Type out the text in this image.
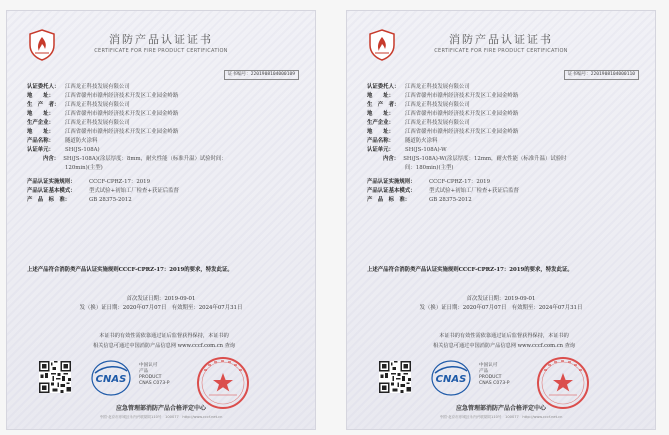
消防产品认证证书
CERTIFICATE FOR FIRE PRODUCT CERTIFICATION
证书编号：2201908104000109
认证委托人：	江西龙正科技发展有限公司
地　　址：	江西省赣州市赣州经济技术开发区工业园金岭路
生　产　者：	江西龙正科技发展有限公司
地　　址：	江西省赣州市赣州经济技术开发区工业园金岭路
生产企业：	江西龙正科技发展有限公司
地　　址：	江西省赣州市赣州经济技术开发区工业园金岭路
产品名称：	隧道防火涂料
认证单元：	SH(JS-108A)
内含： SH(JS-108A)(涂层厚度：8mm，耐火性能（标准升温）试验时间：
120min)(主型)
产品认证实施规则：	CCCF-CPRZ-17：2019
产品认证基本模式：	型式试验+初始工厂检查+获证后监督
产　品　标　准：	GB 28375-2012
上述产品符合消防类产品认证实施规则CCCF-CPRZ-17：2019的要求，特发此证。
首次发证日期：2019-09-01
发（换）证日期：2020年07月07日　有效期至：2024年07月31日
本证书的有效性需依靠通过证后监督获得保持，本证书的
相关信息可通过中国消防产品信息网 www.cccf.com.cn 查询
CNAS
中国认可
产品
PRODUCT
CNAS C073-P
应急管理部消防产品合格评定中心
中国·北京市东城区永内兴联胡同110号　100077　http://www.cccf.net.cn
消防产品认证证书
CERTIFICATE FOR FIRE PRODUCT CERTIFICATION
证书编号：2201908104000110
认证委托人：	江西龙正科技发展有限公司
地　　址：	江西省赣州市赣州经济技术开发区工业园金岭路
生　产　者：	江西龙正科技发展有限公司
地　　址：	江西省赣州市赣州经济技术开发区工业园金岭路
生产企业：	江西龙正科技发展有限公司
地　　址：	江西省赣州市赣州经济技术开发区工业园金岭路
产品名称：	隧道防火涂料
认证单元：	SH(JS-108A)-W
内含： SH(JS-108A)-W(涂层厚度：12mm，耐火性能（标准升温）试验时
间：180min)(主型)
产品认证实施规则：	CCCF-CPRZ-17：2019
产品认证基本模式：	型式试验+初始工厂检查+获证后监督
产　品　标　准：	GB 28375-2012
上述产品符合消防类产品认证实施规则CCCF-CPRZ-17：2019的要求，特发此证。
首次发证日期：2019-09-01
发（换）证日期：2020年07月07日　有效期至：2024年07月31日
本证书的有效性需依靠通过证后监督获得保持，本证书的
相关信息可通过中国消防产品信息网 www.cccf.com.cn 查询
CNAS
中国认可
产品
PRODUCT
CNAS C073-P
应急管理部消防产品合格评定中心
中国·北京市东城区永内兴联胡同110号　100077　http://www.cccf.net.cn
